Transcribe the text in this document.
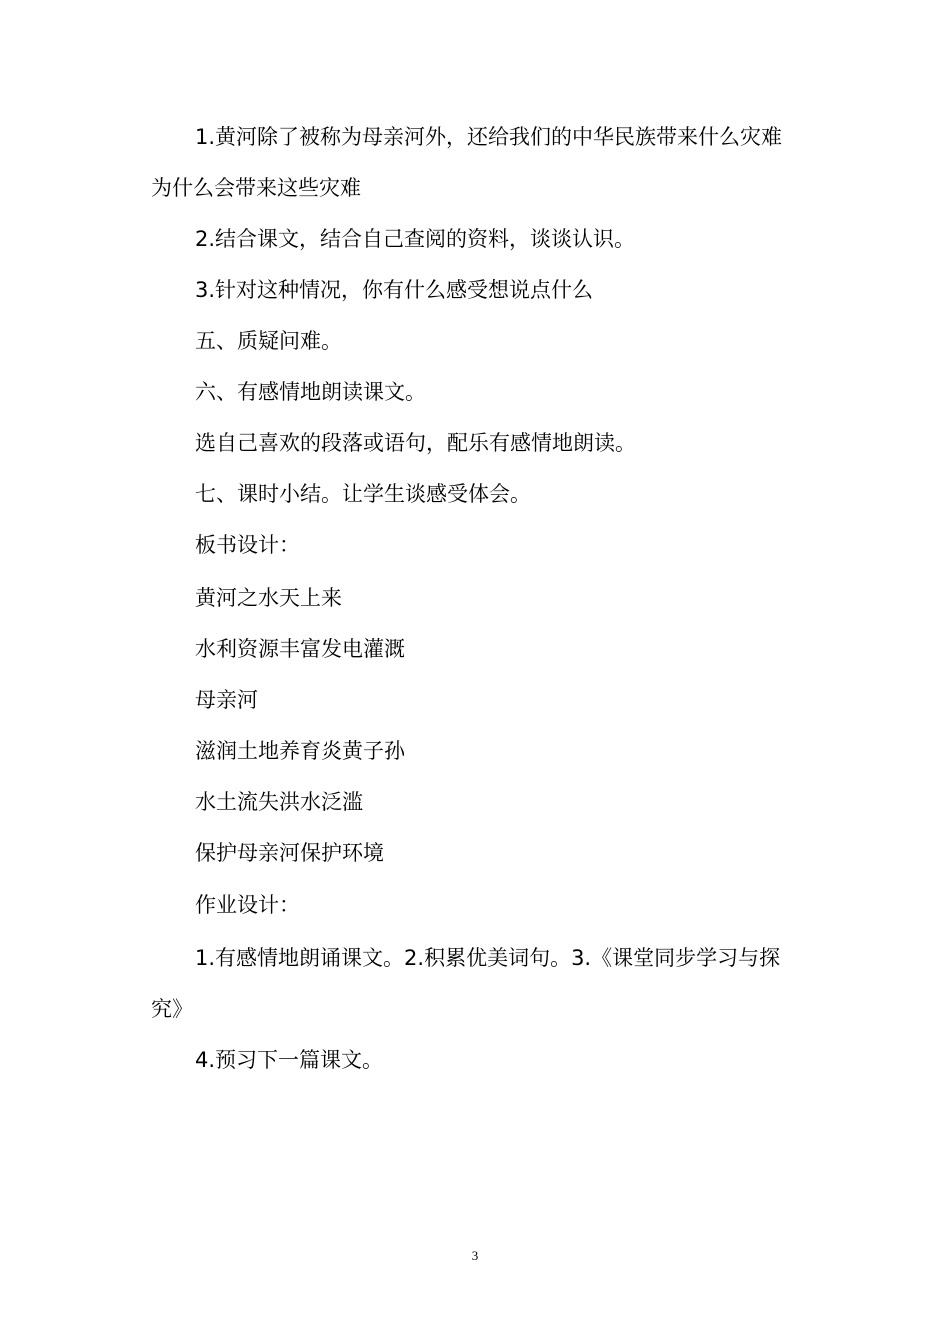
1.黄河除了被称为母亲河外，还给我们的中华民族带来什么灾难为什么会带来这些灾难

2.结合课文，结合自己查阅的资料，谈谈认识。

3.针对这种情况，你有什么感受想说点什么

五、质疑问难。

六、有感情地朗读课文。

选自己喜欢的段落或语句，配乐有感情地朗读。

七、课时小结。让学生谈感受体会。

板书设计：

黄河之水天上来

水利资源丰富发电灌溉

母亲河

滋润土地养育炎黄子孙

水土流失洪水泛滥

保护母亲河保护环境

作业设计：

1.有感情地朗诵课文。2.积累优美词句。3.《课堂同步学习与探究》

4.预习下一篇课文。

3
